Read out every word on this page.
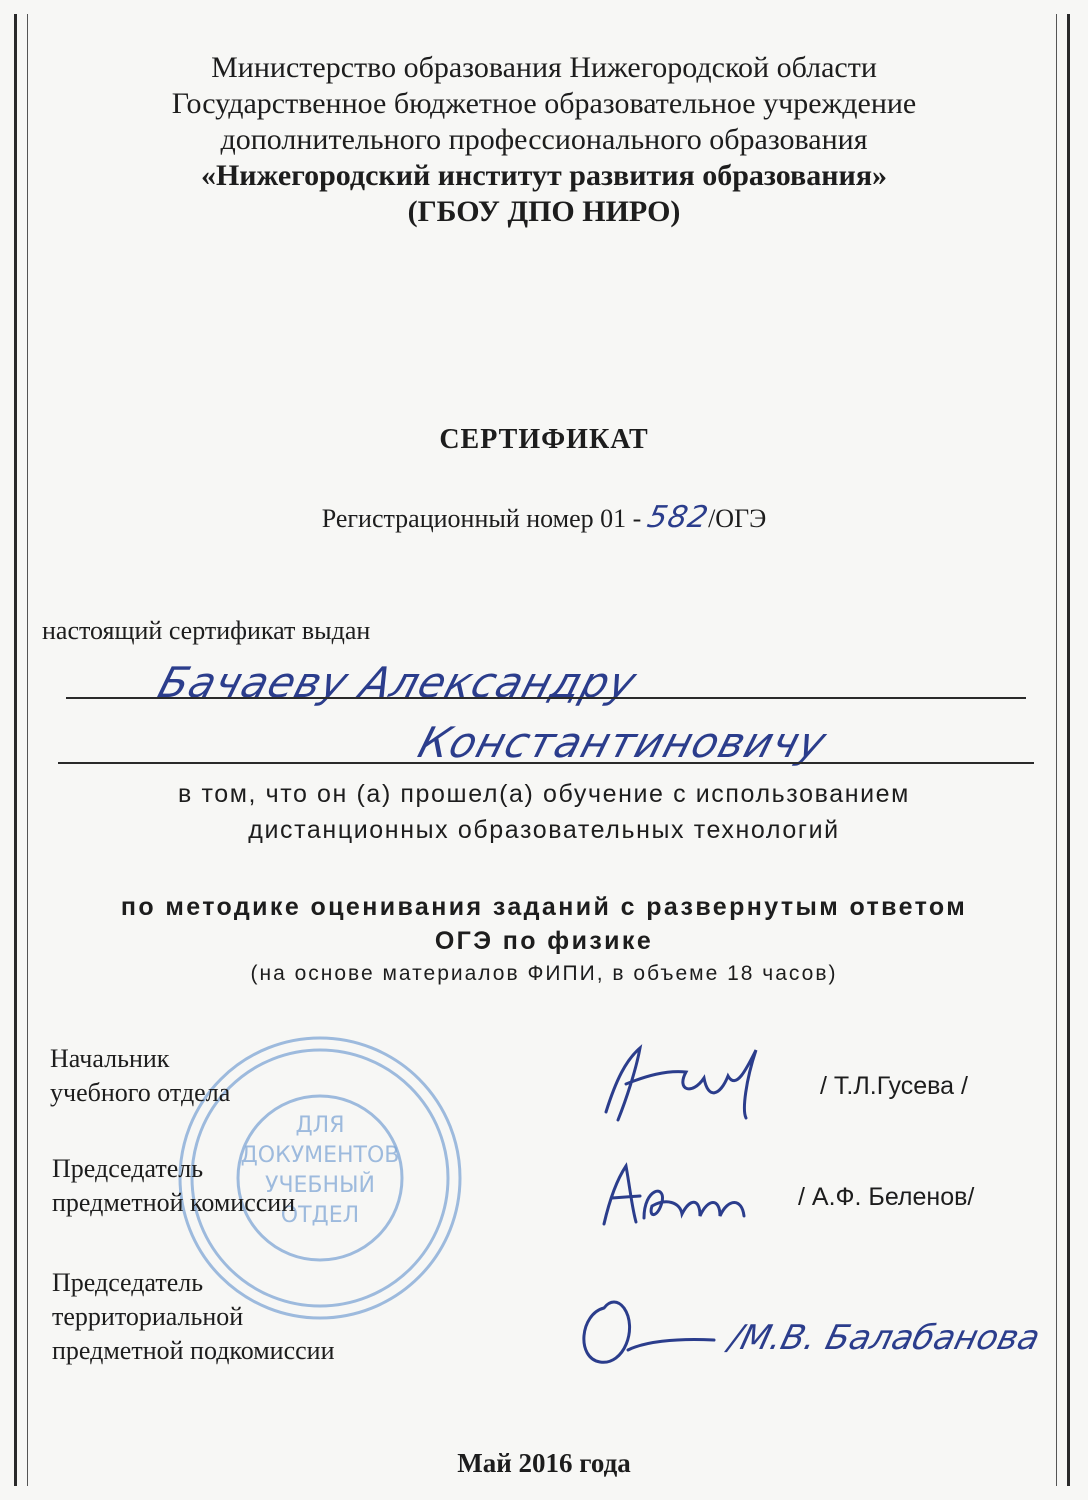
Министерство образования Нижегородской области
Государственное бюджетное образовательное учреждение
дополнительного профессионального образования
«Нижегородский институт развития образования»
(ГБОУ ДПО НИРО)
СЕРТИФИКАТ
Регистрационный номер 01 - 582/ОГЭ
настоящий сертификат выдан
Бачаеву Александру
Константиновичу
в том, что он (а) прошел(а) обучение с использованием
дистанционных образовательных технологий
по методике оценивания заданий с развернутым ответом
ОГЭ по физике
(на основе материалов ФИПИ, в объеме 18 часов)
ДЛЯ
ДОКУМЕНТОВ
УЧЕБНЫЙ
ОТДЕЛ
Начальник
учебного отдела
Председатель
предметной комиссии
Председатель
территориальной
предметной подкомиссии
/ Т.Л.Гусева /
/ А.Ф. Беленов/
/М.В. Балабанова
Май 2016 года
